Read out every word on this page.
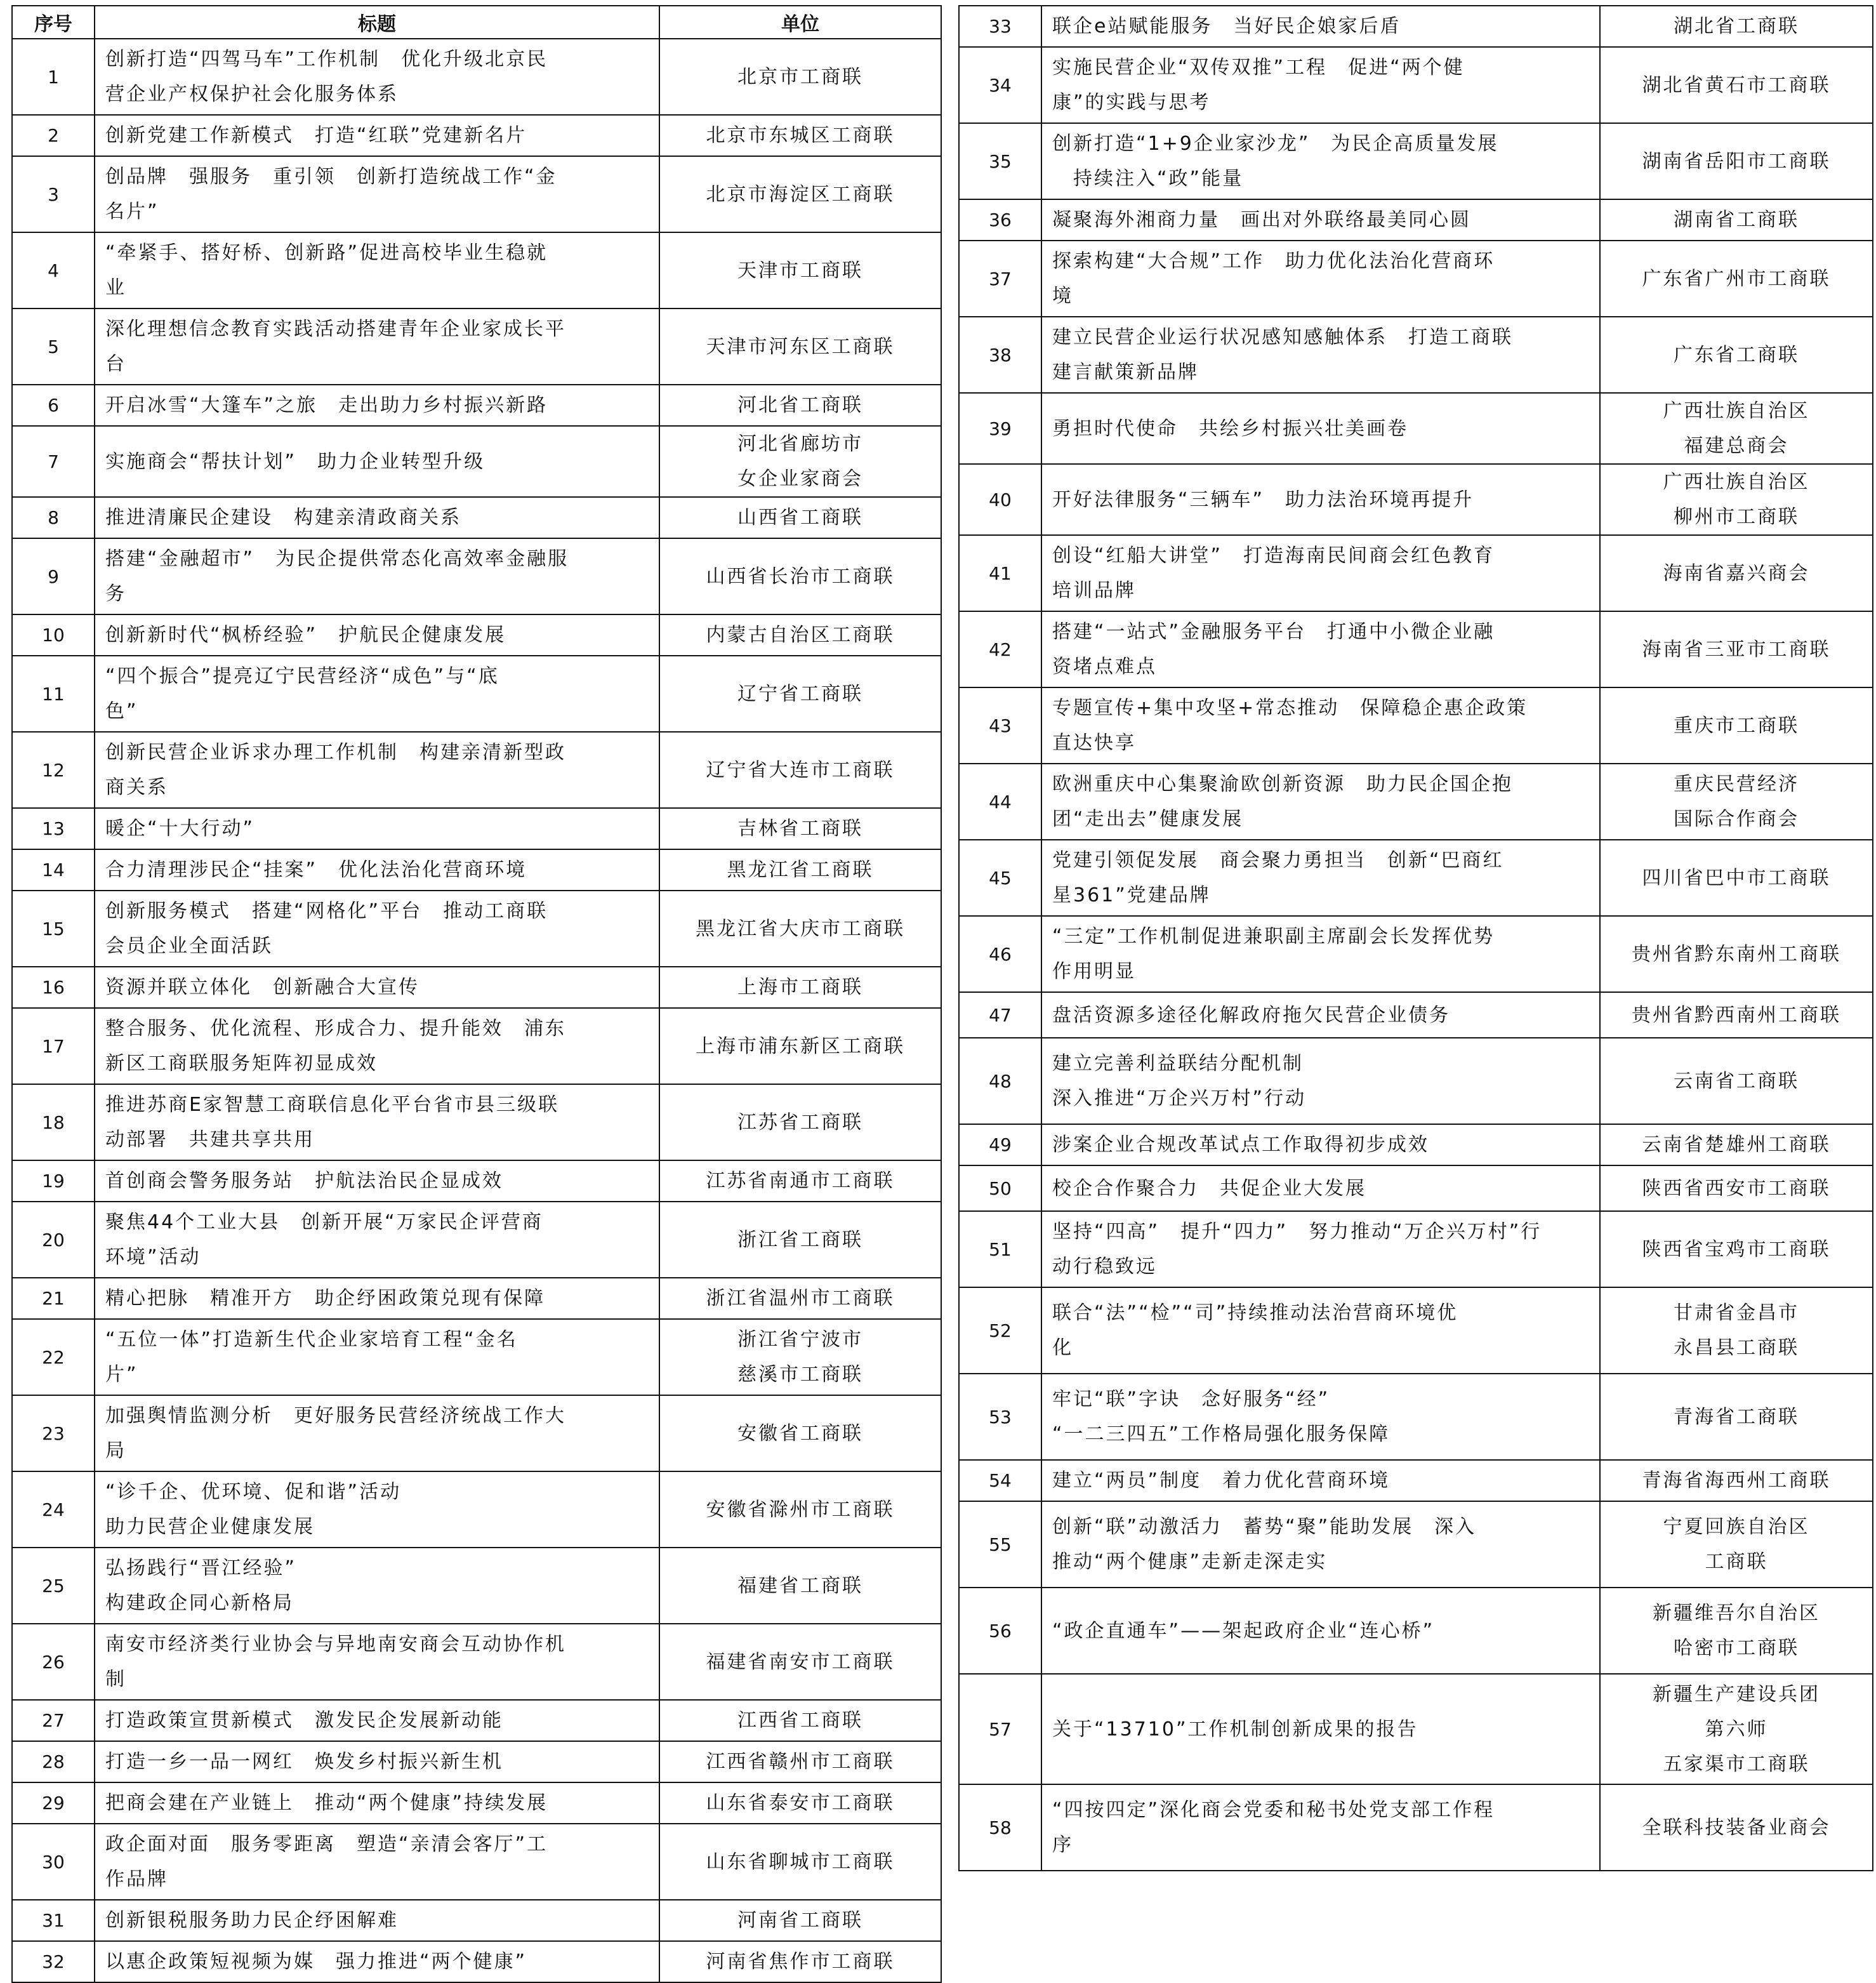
序号	标题	单位
1	创新打造“四驾马车”工作机制　优化升级北京民
营企业产权保护社会化服务体系	北京市工商联

2	创新党建工作新模式　打造“红联”党建新名片	北京市东城区工商联

3	创品牌　强服务　重引领　创新打造统战工作“金
名片”	北京市海淀区工商联

4	“牵紧手、搭好桥、创新路”促进高校毕业生稳就
业	天津市工商联

5	深化理想信念教育实践活动搭建青年企业家成长平
台	天津市河东区工商联

6	开启冰雪“大篷车”之旅　走出助力乡村振兴新路	河北省工商联

7	实施商会“帮扶计划”　助力企业转型升级	河北省廊坊市
女企业家商会

8	推进清廉民企建设　构建亲清政商关系	山西省工商联

9	搭建“金融超市”　为民企提供常态化高效率金融服
务	山西省长治市工商联

10	创新新时代“枫桥经验”　护航民企健康发展	内蒙古自治区工商联

11	“四个振合”提亮辽宁民营经济“成色”与“底
色”	辽宁省工商联

12	创新民营企业诉求办理工作机制　构建亲清新型政
商关系	辽宁省大连市工商联

13	暖企“十大行动”	吉林省工商联

14	合力清理涉民企“挂案”　优化法治化营商环境	黑龙江省工商联

15	创新服务模式　搭建“网格化”平台　推动工商联
会员企业全面活跃	黑龙江省大庆市工商联

16	资源并联立体化　创新融合大宣传	上海市工商联

17	整合服务、优化流程、形成合力、提升能效　浦东
新区工商联服务矩阵初显成效	上海市浦东新区工商联

18	推进苏商E家智慧工商联信息化平台省市县三级联
动部署　共建共享共用	江苏省工商联

19	首创商会警务服务站　护航法治民企显成效	江苏省南通市工商联

20	聚焦44个工业大县　创新开展“万家民企评营商
环境”活动	浙江省工商联

21	精心把脉　精准开方　助企纾困政策兑现有保障	浙江省温州市工商联

22	“五位一体”打造新生代企业家培育工程“金名
片”	浙江省宁波市
慈溪市工商联

23	加强舆情监测分析　更好服务民营经济统战工作大
局	安徽省工商联

24	“诊千企、优环境、促和谐”活动
助力民营企业健康发展	安徽省滁州市工商联

25	弘扬践行“晋江经验”
构建政企同心新格局	福建省工商联

26	南安市经济类行业协会与异地南安商会互动协作机
制	福建省南安市工商联

27	打造政策宣贯新模式　激发民企发展新动能	江西省工商联

28	打造一乡一品一网红　焕发乡村振兴新生机	江西省赣州市工商联

29	把商会建在产业链上　推动“两个健康”持续发展	山东省泰安市工商联

30	政企面对面　服务零距离　塑造“亲清会客厅”工
作品牌	山东省聊城市工商联

31	创新银税服务助力民企纾困解难	河南省工商联

32	以惠企政策短视频为媒　强力推进“两个健康”	河南省焦作市工商联
33	联企e站赋能服务　当好民企娘家后盾	湖北省工商联

34	实施民营企业“双传双推”工程　促进“两个健
康”的实践与思考	湖北省黄石市工商联

35	创新打造“1+9企业家沙龙”　为民企高质量发展
　持续注入“政”能量	湖南省岳阳市工商联

36	凝聚海外湘商力量　画出对外联络最美同心圆	湖南省工商联

37	探索构建“大合规”工作　助力优化法治化营商环
境	广东省广州市工商联

38	建立民营企业运行状况感知感触体系　打造工商联
建言献策新品牌	广东省工商联

39	勇担时代使命　共绘乡村振兴壮美画卷	广西壮族自治区
福建总商会

40	开好法律服务“三辆车”　助力法治环境再提升	广西壮族自治区
柳州市工商联

41	创设“红船大讲堂”　打造海南民间商会红色教育
培训品牌	海南省嘉兴商会

42	搭建“一站式”金融服务平台　打通中小微企业融
资堵点难点	海南省三亚市工商联

43	专题宣传+集中攻坚+常态推动　保障稳企惠企政策
直达快享	重庆市工商联

44	欧洲重庆中心集聚渝欧创新资源　助力民企国企抱
团“走出去”健康发展	重庆民营经济
国际合作商会

45	党建引领促发展　商会聚力勇担当　创新“巴商红
星361”党建品牌	四川省巴中市工商联

46	“三定”工作机制促进兼职副主席副会长发挥优势
作用明显	贵州省黔东南州工商联

47	盘活资源多途径化解政府拖欠民营企业债务	贵州省黔西南州工商联

48	建立完善利益联结分配机制
深入推进“万企兴万村”行动	云南省工商联

49	涉案企业合规改革试点工作取得初步成效	云南省楚雄州工商联

50	校企合作聚合力　共促企业大发展	陕西省西安市工商联

51	坚持“四高”　提升“四力”　努力推动“万企兴万村”行
动行稳致远	陕西省宝鸡市工商联

52	联合“法”“检”“司”持续推动法治营商环境优
化	甘肃省金昌市
永昌县工商联

53	牢记“联”字诀　念好服务“经”
“一二三四五”工作格局强化服务保障	青海省工商联

54	建立“两员”制度　着力优化营商环境	青海省海西州工商联

55	创新“联”动激活力　蓄势“聚”能助发展　深入
推动“两个健康”走新走深走实	宁夏回族自治区
工商联

56	“政企直通车”——架起政府企业“连心桥”	新疆维吾尔自治区
哈密市工商联

57	关于“13710”工作机制创新成果的报告	新疆生产建设兵团
第六师
五家渠市工商联

58	“四按四定”深化商会党委和秘书处党支部工作程
序	全联科技装备业商会
